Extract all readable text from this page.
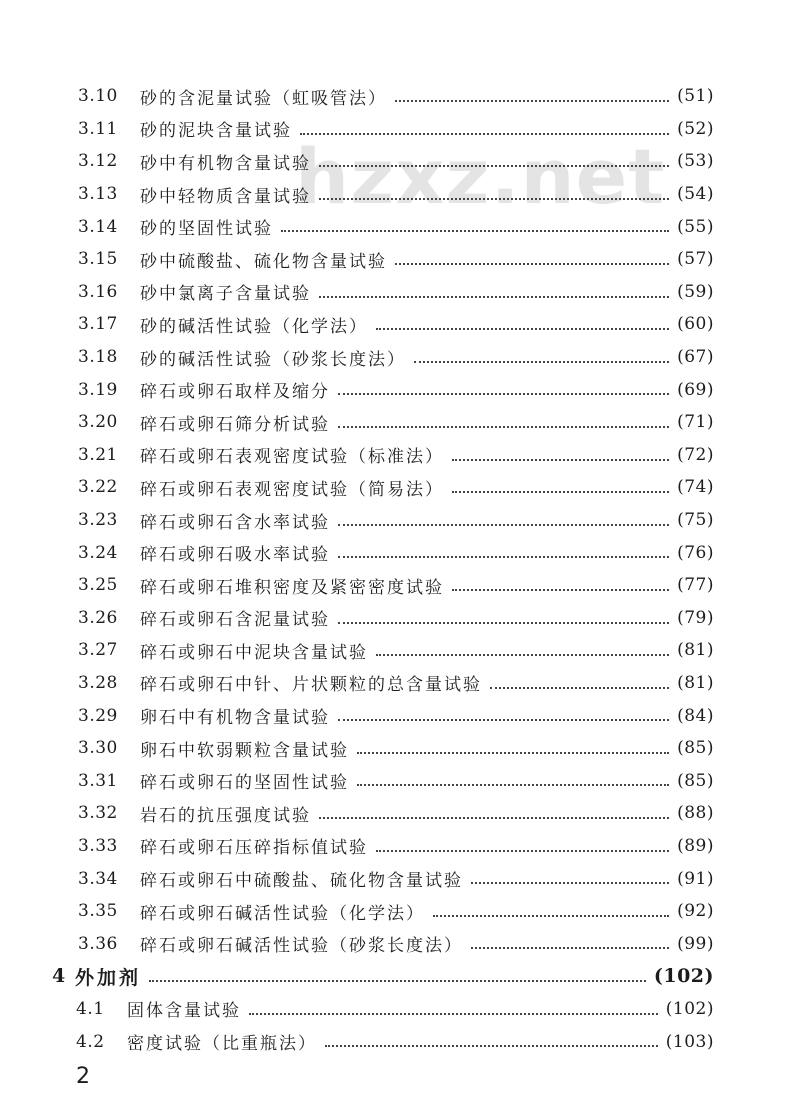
hzxz.net
3.10	砂的含泥量试验（虹吸管法）	(51)
3.11	砂的泥块含量试验	(52)
3.12	砂中有机物含量试验	(53)
3.13	砂中轻物质含量试验	(54)
3.14	砂的坚固性试验	(55)
3.15	砂中硫酸盐、硫化物含量试验	(57)
3.16	砂中氯离子含量试验	(59)
3.17	砂的碱活性试验（化学法）	(60)
3.18	砂的碱活性试验（砂浆长度法）	(67)
3.19	碎石或卵石取样及缩分	(69)
3.20	碎石或卵石筛分析试验	(71)
3.21	碎石或卵石表观密度试验（标准法）	(72)
3.22	碎石或卵石表观密度试验（简易法）	(74)
3.23	碎石或卵石含水率试验	(75)
3.24	碎石或卵石吸水率试验	(76)
3.25	碎石或卵石堆积密度及紧密密度试验	(77)
3.26	碎石或卵石含泥量试验	(79)
3.27	碎石或卵石中泥块含量试验	(81)
3.28	碎石或卵石中针、片状颗粒的总含量试验	(81)
3.29	卵石中有机物含量试验	(84)
3.30	卵石中软弱颗粒含量试验	(85)
3.31	碎石或卵石的坚固性试验	(85)
3.32	岩石的抗压强度试验	(88)
3.33	碎石或卵石压碎指标值试验	(89)
3.34	碎石或卵石中硫酸盐、硫化物含量试验	(91)
3.35	碎石或卵石碱活性试验（化学法）	(92)
3.36	碎石或卵石碱活性试验（砂浆长度法）	(99)
4 外加剂	(102)
4.1	固体含量试验	(102)
4.2	密度试验（比重瓶法）	(103)
2
